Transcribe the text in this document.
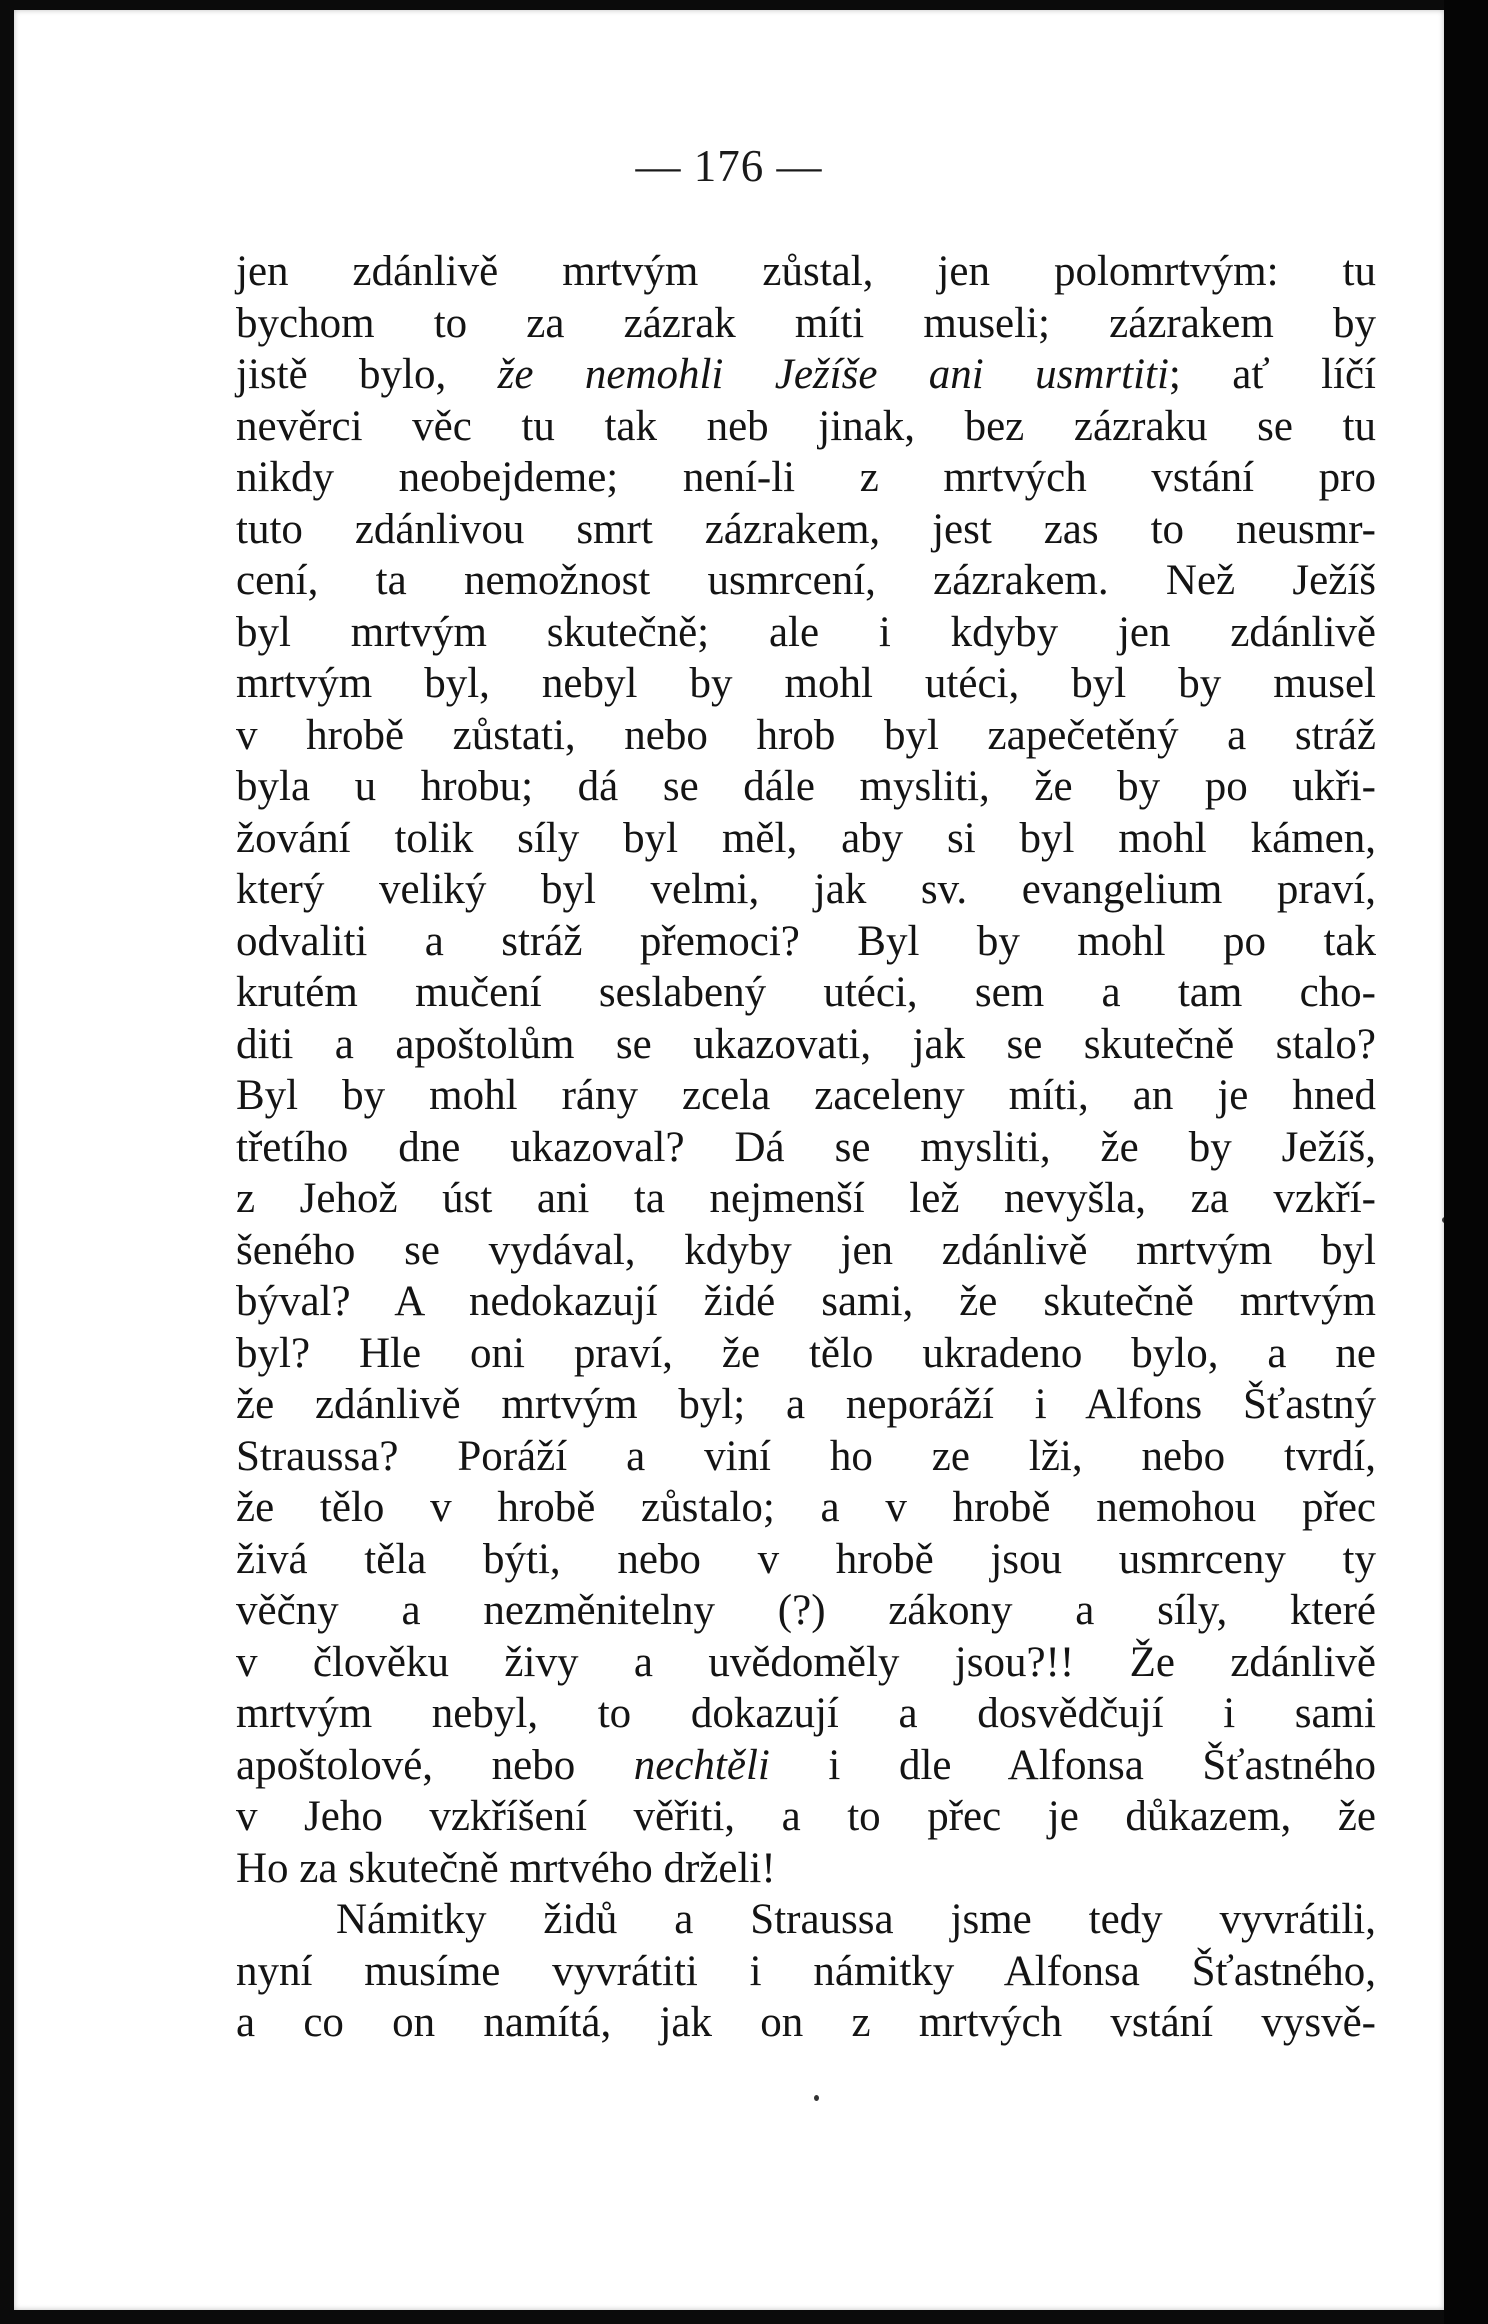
— 176 —
jen zdánlivě mrtvým zůstal, jen polomrtvým: tu
bychom to za zázrak míti museli; zázrakem by
jistě bylo, že nemohli Ježíše ani usmrtiti; ať líčí
nevěrci věc tu tak neb jinak, bez zázraku se tu
nikdy neobejdeme; není-li z mrtvých vstání pro
tuto zdánlivou smrt zázrakem, jest zas to neusmr-
cení, ta nemožnost usmrcení, zázrakem. Než Ježíš
byl mrtvým skutečně; ale i kdyby jen zdánlivě
mrtvým byl, nebyl by mohl utéci, byl by musel
v hrobě zůstati, nebo hrob byl zapečetěný a stráž
byla u hrobu; dá se dále mysliti, že by po ukři-
žování tolik síly byl měl, aby si byl mohl kámen,
který veliký byl velmi, jak sv. evangelium praví,
odvaliti a stráž přemoci? Byl by mohl po tak
krutém mučení seslabený utéci, sem a tam cho-
diti a apoštolům se ukazovati, jak se skutečně stalo?
Byl by mohl rány zcela zaceleny míti, an je hned
třetího dne ukazoval? Dá se mysliti, že by Ježíš,
z Jehož úst ani ta nejmenší lež nevyšla, za vzkří-
šeného se vydával, kdyby jen zdánlivě mrtvým byl
býval? A nedokazují židé sami, že skutečně mrtvým
byl? Hle oni praví, že tělo ukradeno bylo, a ne
že zdánlivě mrtvým byl; a neporáží i Alfons Šťastný
Straussa? Poráží a viní ho ze lži, nebo tvrdí,
že tělo v hrobě zůstalo; a v hrobě nemohou přec
živá těla býti, nebo v hrobě jsou usmrceny ty
věčny a nezměnitelny (?) zákony a síly, které
v člověku živy a uvědoměly jsou?!! Že zdánlivě
mrtvým nebyl, to dokazují a dosvědčují i sami
apoštolové, nebo nechtěli i dle Alfonsa Šťastného
v Jeho vzkříšení věřiti, a to přec je důkazem, že
Ho za skutečně mrtvého drželi!
Námitky židů a Straussa jsme tedy vyvrátili,
nyní musíme vyvrátiti i námitky Alfonsa Šťastného,
a co on namítá, jak on z mrtvých vstání vysvě-
